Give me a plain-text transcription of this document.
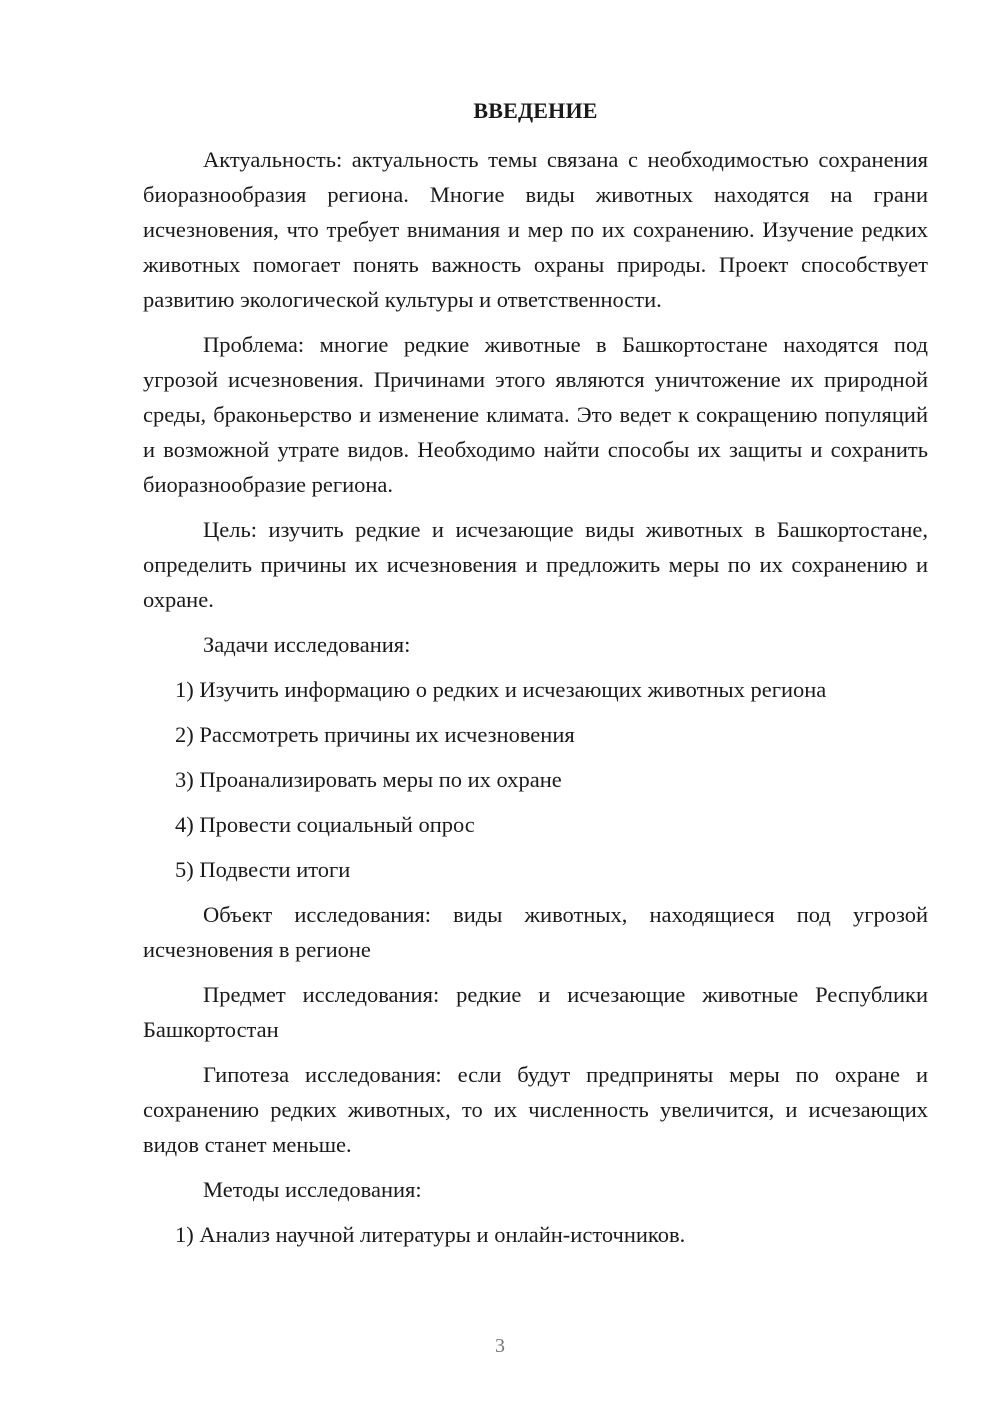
ВВЕДЕНИЕ

Актуальность: актуальность темы связана с необходимостью сохранения биоразнообразия региона. Многие виды животных находятся на грани исчезновения, что требует внимания и мер по их сохранению. Изучение редких животных помогает понять важность охраны природы. Проект способствует развитию экологической культуры и ответственности.

Проблема: многие редкие животные в Башкортостане находятся под угрозой исчезновения. Причинами этого являются уничтожение их природной среды, браконьерство и изменение климата. Это ведет к сокращению популяций и возможной утрате видов. Необходимо найти способы их защиты и сохранить биоразнообразие региона.

Цель: изучить редкие и исчезающие виды животных в Башкортостане, определить причины их исчезновения и предложить меры по их сохранению и охране.

Задачи исследования:

1) Изучить информацию о редких и исчезающих животных региона
2) Рассмотреть причины их исчезновения
3) Проанализировать меры по их охране
4) Провести социальный опрос
5) Подвести итоги

Объект исследования: виды животных, находящиеся под угрозой исчезновения в регионе

Предмет исследования: редкие и исчезающие животные Республики Башкортостан

Гипотеза исследования: если будут предприняты меры по охране и сохранению редких животных, то их численность увеличится, и исчезающих видов станет меньше.

Методы исследования:

1) Анализ научной литературы и онлайн-источников.
3
